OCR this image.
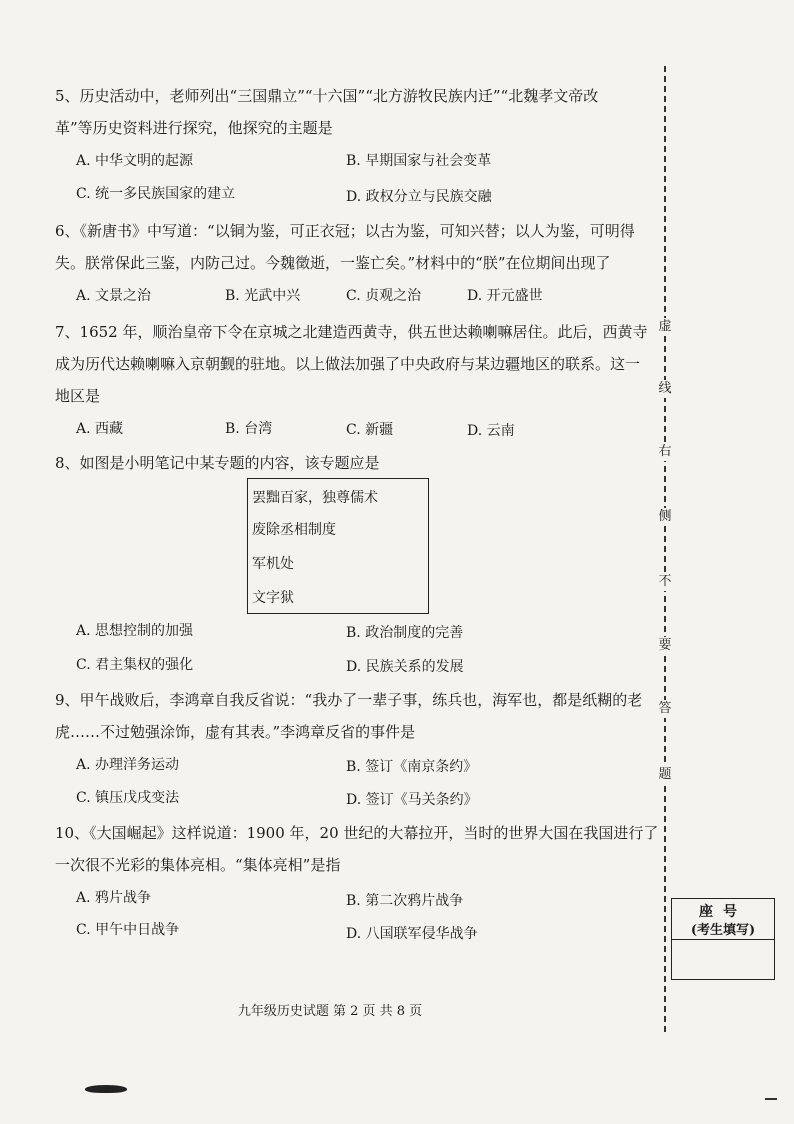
5、历史活动中，老师列出“三国鼎立”“十六国”“北方游牧民族内迁”“北魏孝文帝改
革”等历史资料进行探究，他探究的主题是
A. 中华文明的起源	B. 早期国家与社会变革
C. 统一多民族国家的建立	D. 政权分立与民族交融
6、《新唐书》中写道：“以铜为鉴，可正衣冠；以古为鉴，可知兴替；以人为鉴，可明得
失。朕常保此三鉴，内防己过。今魏徵逝，一鉴亡矣。”材料中的“朕”在位期间出现了
A. 文景之治	B. 光武中兴	C. 贞观之治	D. 开元盛世
7、1652 年，顺治皇帝下令在京城之北建造西黄寺，供五世达赖喇嘛居住。此后，西黄寺
成为历代达赖喇嘛入京朝觐的驻地。以上做法加强了中央政府与某边疆地区的联系。这一
地区是
A. 西藏	B. 台湾	C. 新疆	D. 云南
8、如图是小明笔记中某专题的内容，该专题应是
罢黜百家，独尊儒术
废除丞相制度
军机处
文字狱
A. 思想控制的加强	B. 政治制度的完善
C. 君主集权的强化	D. 民族关系的发展
9、甲午战败后，李鸿章自我反省说：“我办了一辈子事，练兵也，海军也，都是纸糊的老
虎……不过勉强涂饰，虚有其表。”李鸿章反省的事件是
A. 办理洋务运动	B. 签订《南京条约》
C. 镇压戊戌变法	D. 签订《马关条约》
10、《大国崛起》这样说道：1900 年，20 世纪的大幕拉开，当时的世界大国在我国进行了
一次很不光彩的集体亮相。“集体亮相”是指
A. 鸦片战争	B. 第二次鸦片战争
C. 甲午中日战争	D. 八国联军侵华战争
虚
线
右
侧
不
要
答
题
座号
(考生填写)
九年级历史试题 第 2 页 共 8 页
